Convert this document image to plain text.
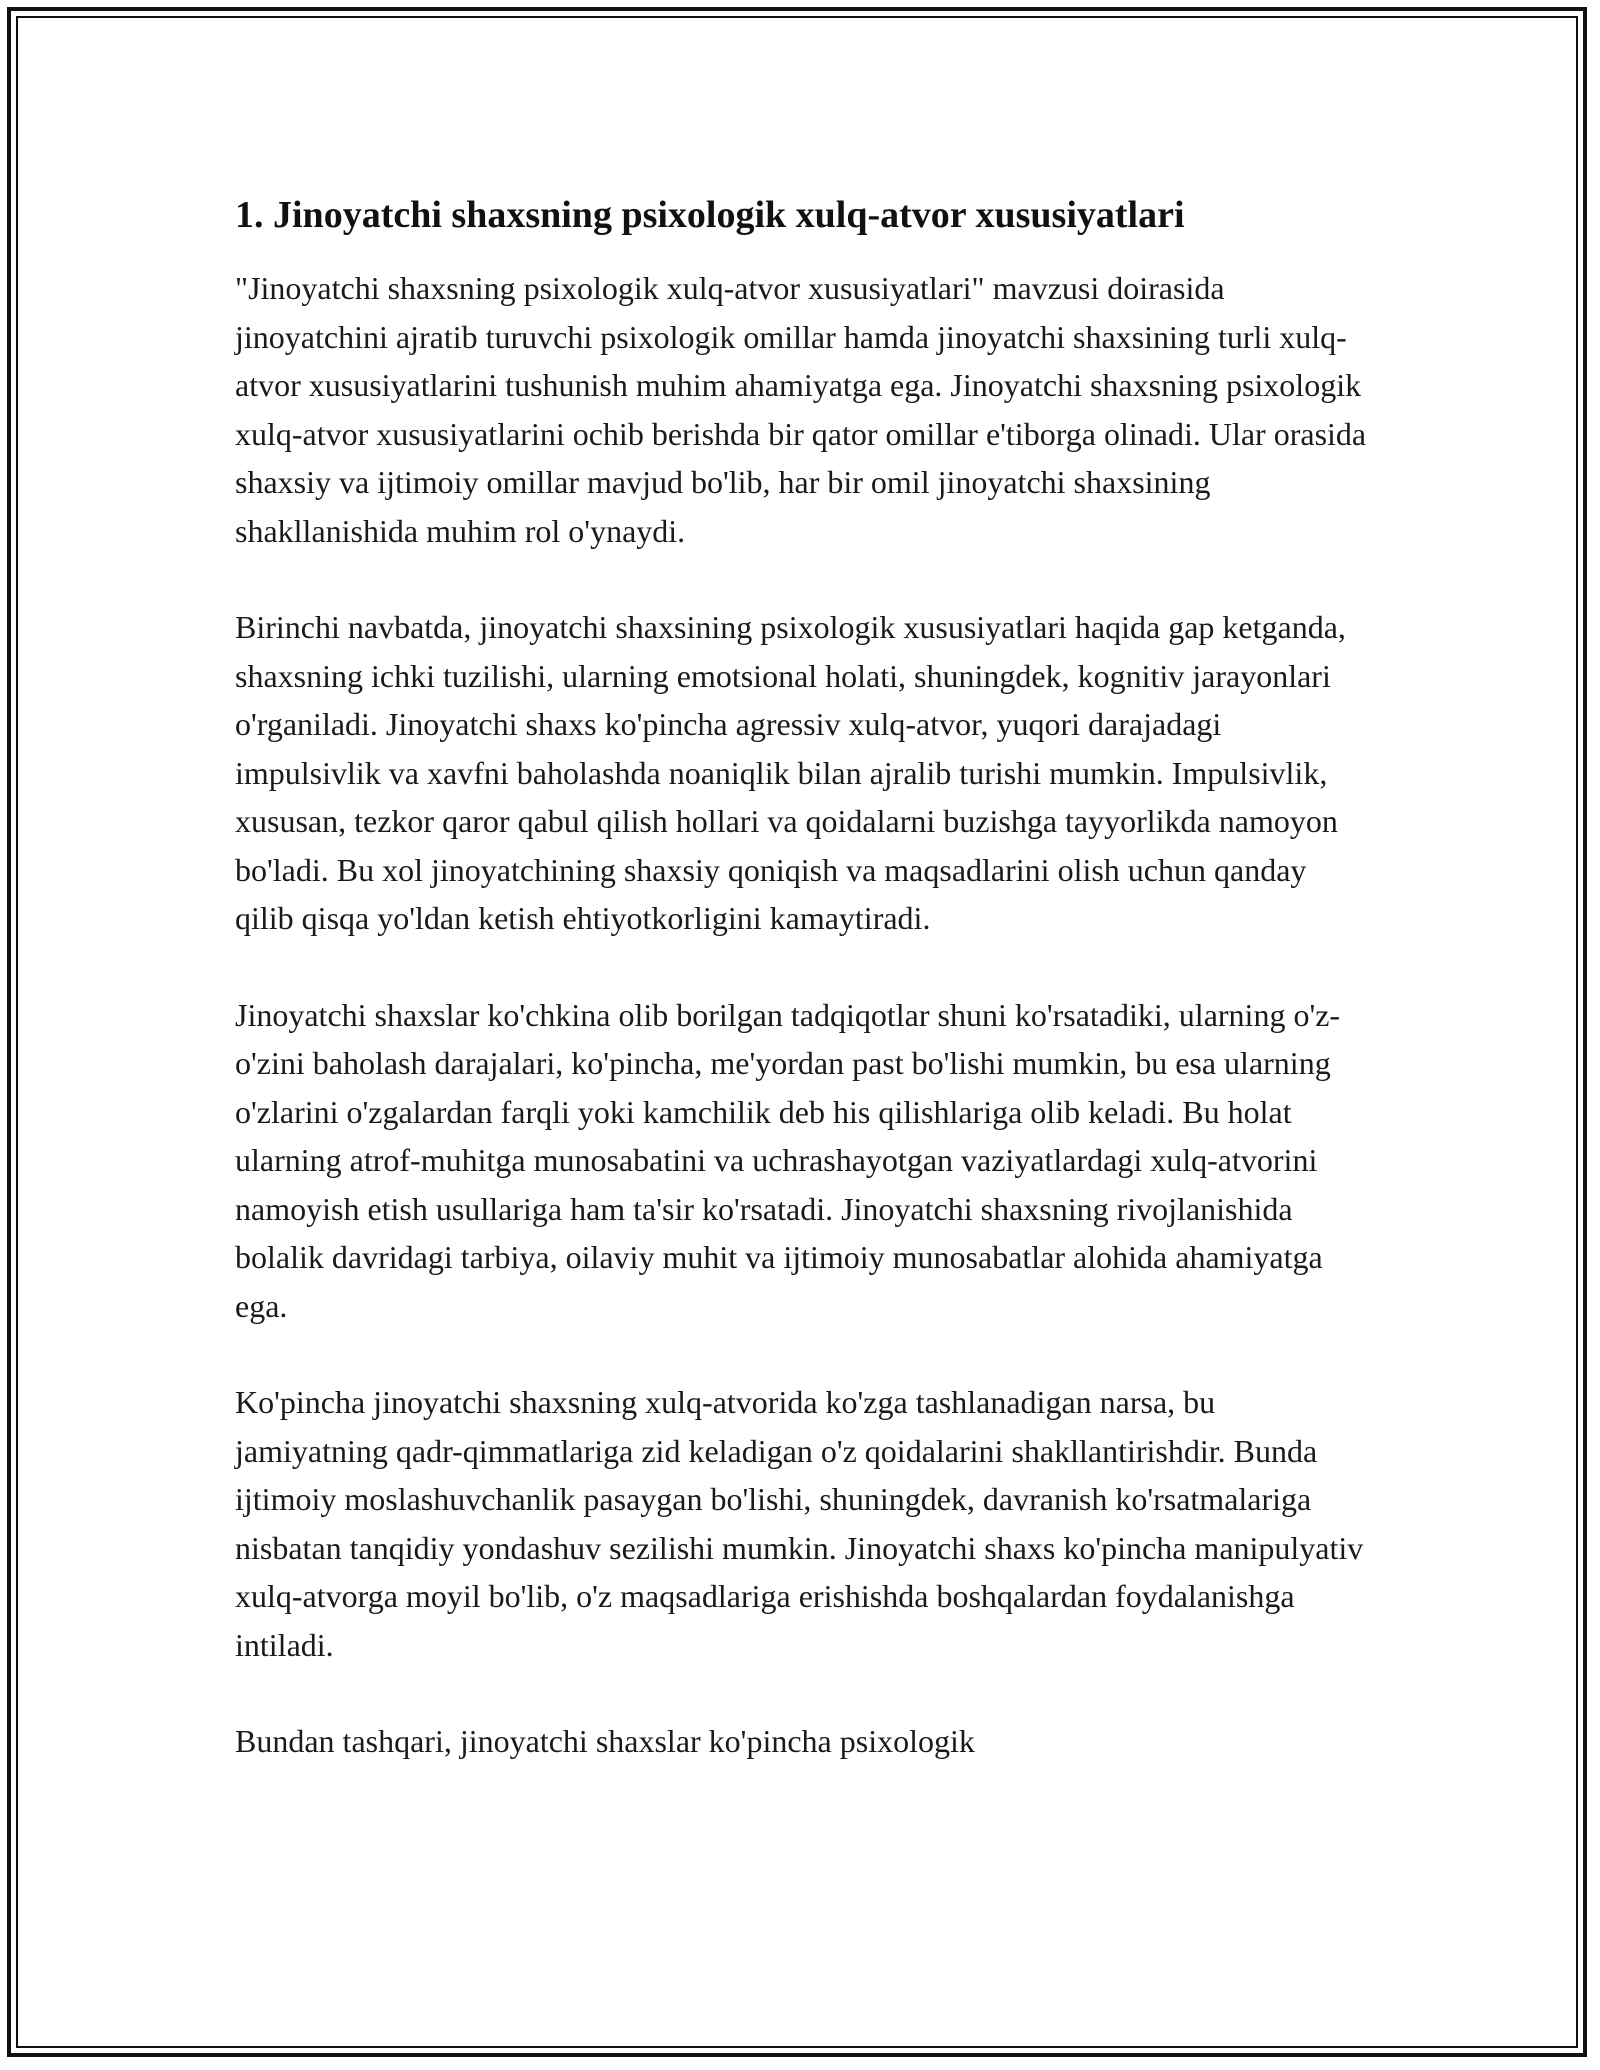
1. Jinoyatchi shaxsning psixologik xulq-atvor xususiyatlari

"Jinoyatchi shaxsning psixologik xulq-atvor xususiyatlari" mavzusi doirasida jinoyatchini ajratib turuvchi psixologik omillar hamda jinoyatchi shaxsining turli xulq-atvor xususiyatlarini tushunish muhim ahamiyatga ega. Jinoyatchi shaxsning psixologik xulq-atvor xususiyatlarini ochib berishda bir qator omillar e'tiborga olinadi. Ular orasida shaxsiy va ijtimoiy omillar mavjud bo'lib, har bir omil jinoyatchi shaxsining shakllanishida muhim rol o'ynaydi.

Birinchi navbatda, jinoyatchi shaxsining psixologik xususiyatlari haqida gap ketganda, shaxsning ichki tuzilishi, ularning emotsional holati, shuningdek, kognitiv jarayonlari o'rganiladi. Jinoyatchi shaxs ko'pincha agressiv xulq-atvor, yuqori darajadagi impulsivlik va xavfni baholashda noaniqlik bilan ajralib turishi mumkin. Impulsivlik, xususan, tezkor qaror qabul qilish hollari va qoidalarni buzishga tayyorlikda namoyon bo'ladi. Bu xol jinoyatchining shaxsiy qoniqish va maqsadlarini olish uchun qanday qilib qisqa yo'ldan ketish ehtiyotkorligini kamaytiradi.

Jinoyatchi shaxslar ko'chkina olib borilgan tadqiqotlar shuni ko'rsatadiki, ularning o'z-o'zini baholash darajalari, ko'pincha, me'yordan past bo'lishi mumkin, bu esa ularning o'zlarini o'zgalardan farqli yoki kamchilik deb his qilishlariga olib keladi. Bu holat ularning atrof-muhitga munosabatini va uchrashayotgan vaziyatlardagi xulq-atvorini namoyish etish usullariga ham ta'sir ko'rsatadi. Jinoyatchi shaxsning rivojlanishida bolalik davridagi tarbiya, oilaviy muhit va ijtimoiy munosabatlar alohida ahamiyatga ega.

Ko'pincha jinoyatchi shaxsning xulq-atvorida ko'zga tashlanadigan narsa, bu jamiyatning qadr-qimmatlariga zid keladigan o'z qoidalarini shakllantirishdir. Bunda ijtimoiy moslashuvchanlik pasaygan bo'lishi, shuningdek, davranish ko'rsatmalariga nisbatan tanqidiy yondashuv sezilishi mumkin. Jinoyatchi shaxs ko'pincha manipulyativ xulq-atvorga moyil bo'lib, o'z maqsadlariga erishishda boshqalardan foydalanishga intiladi.

Bundan tashqari, jinoyatchi shaxslar ko'pincha psixologik
